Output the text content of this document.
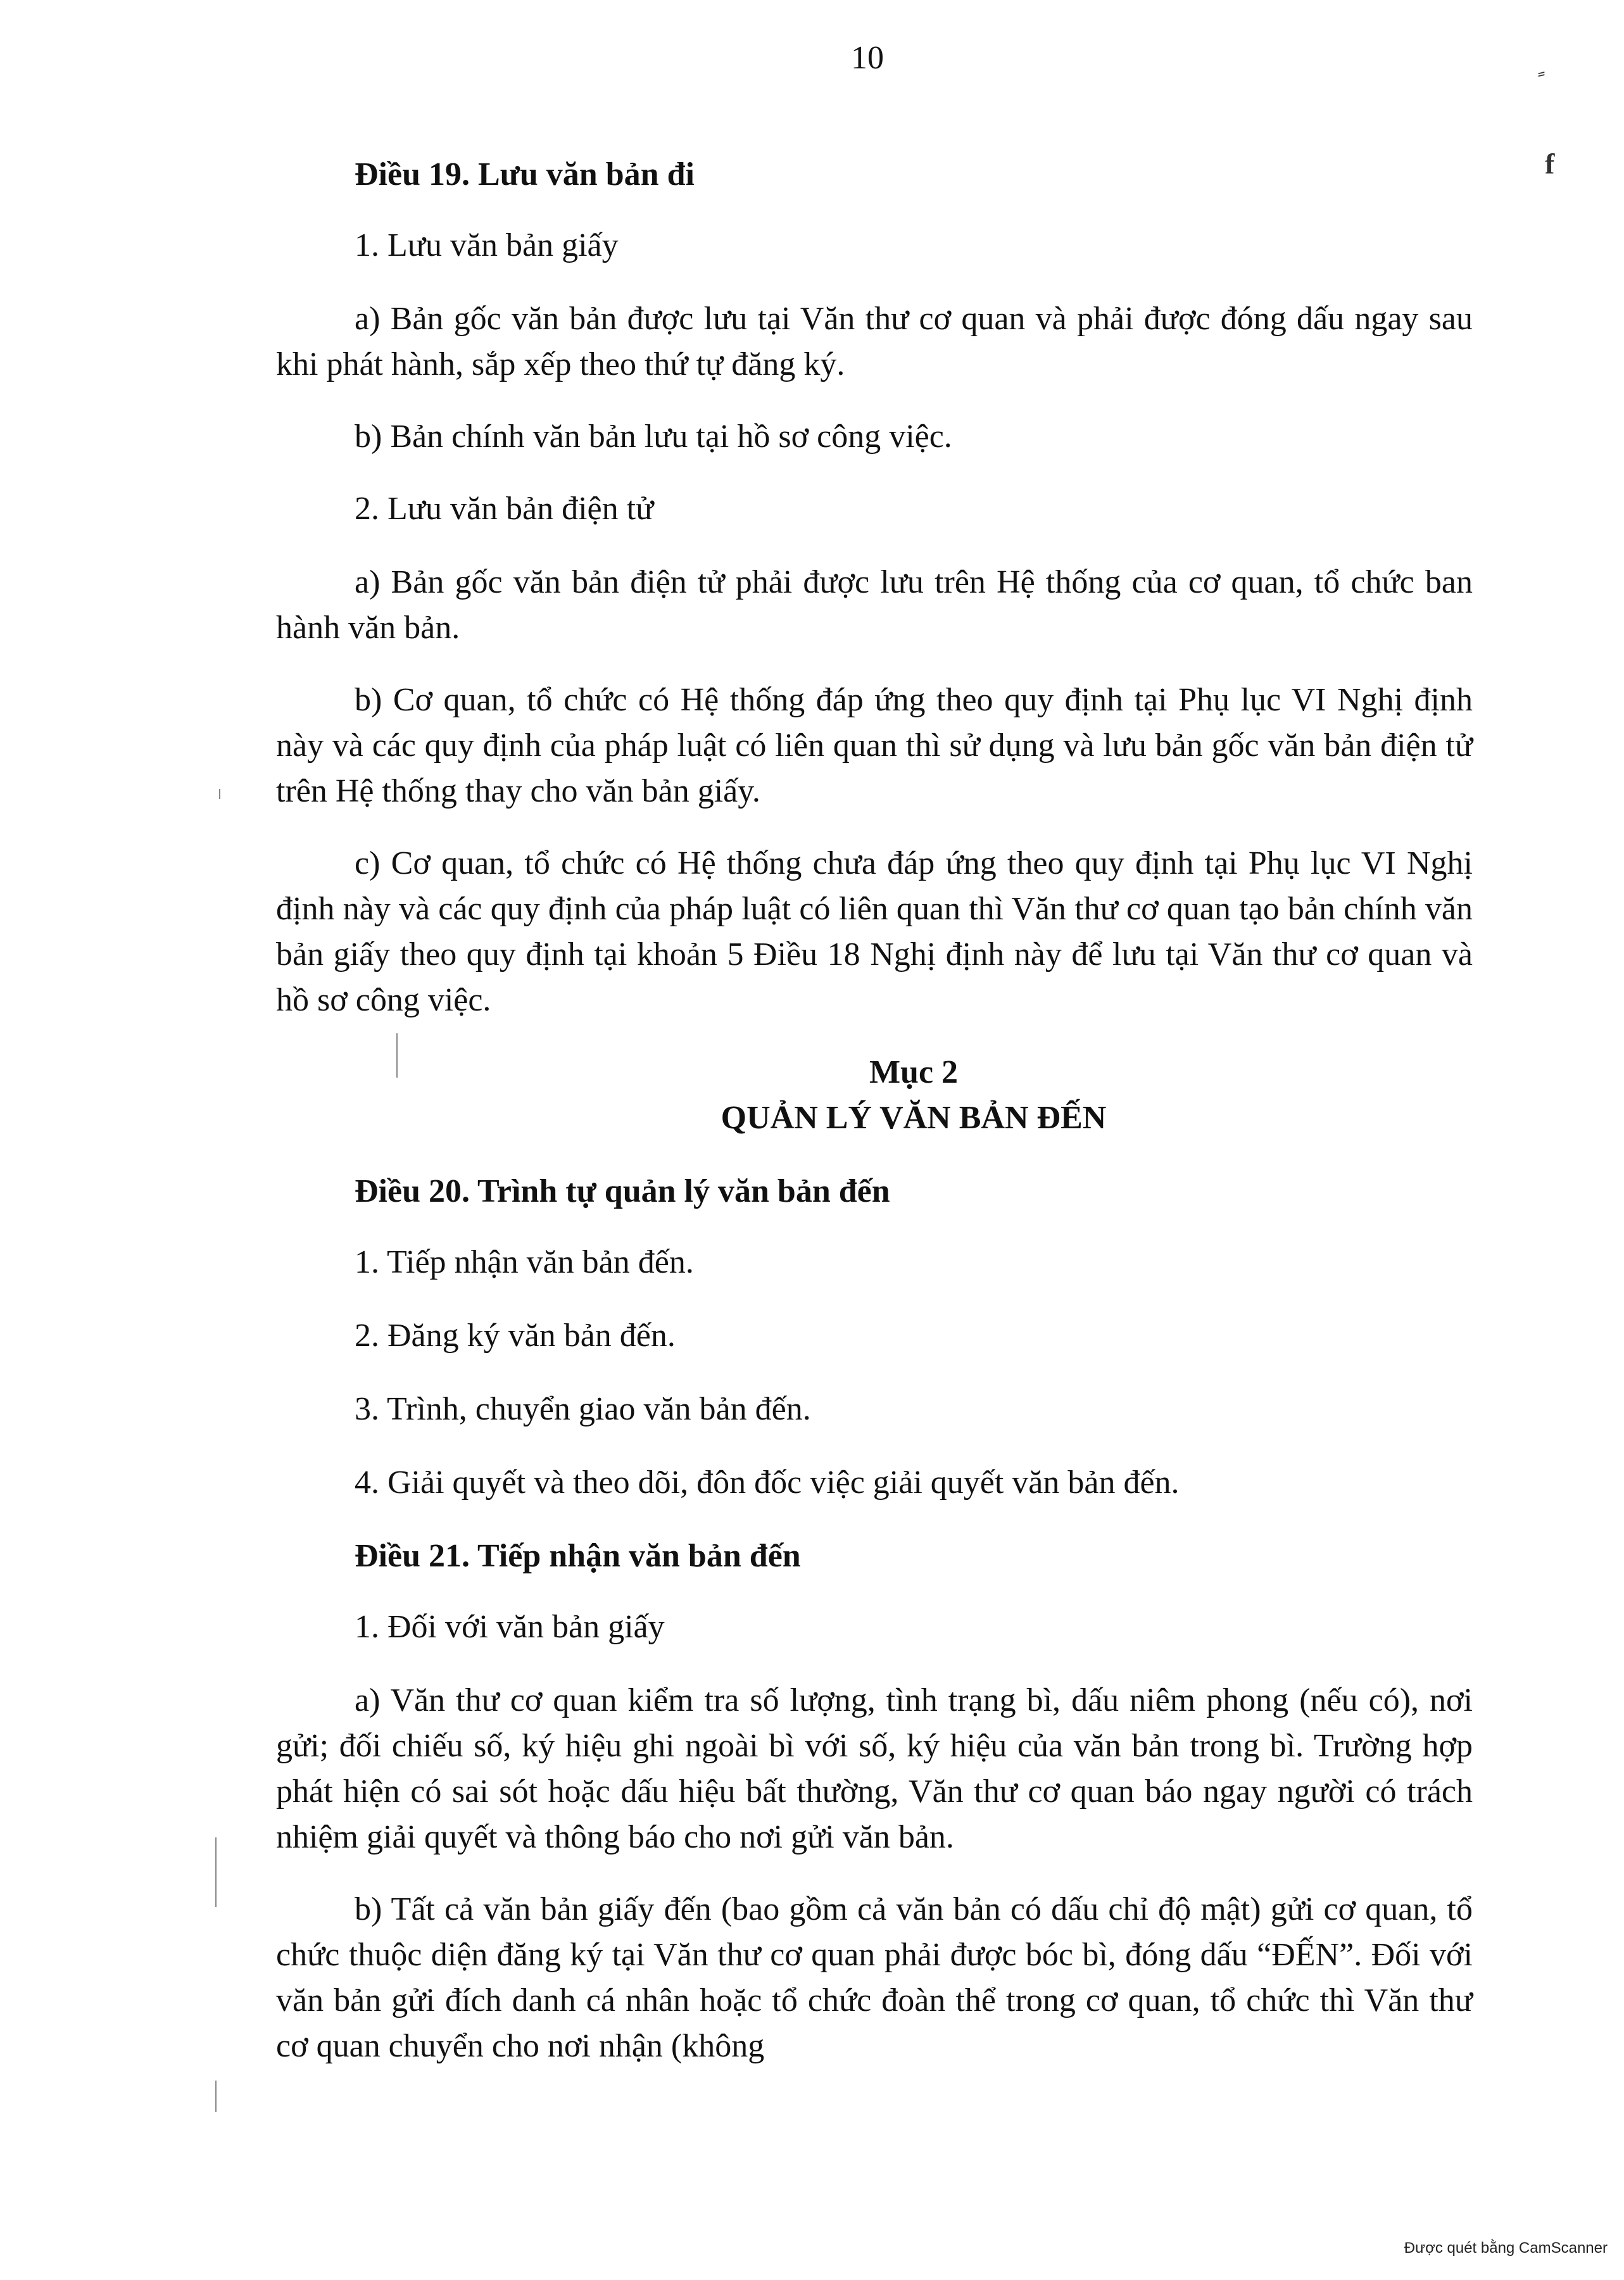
10
f

Điều 19. Lưu văn bản đi

1. Lưu văn bản giấy

a) Bản gốc văn bản được lưu tại Văn thư cơ quan và phải được đóng dấu ngay sau khi phát hành, sắp xếp theo thứ tự đăng ký.

b) Bản chính văn bản lưu tại hồ sơ công việc.

2. Lưu văn bản điện tử

a) Bản gốc văn bản điện tử phải được lưu trên Hệ thống của cơ quan, tổ chức ban hành văn bản.

b) Cơ quan, tổ chức có Hệ thống đáp ứng theo quy định tại Phụ lục VI Nghị định này và các quy định của pháp luật có liên quan thì sử dụng và lưu bản gốc văn bản điện tử trên Hệ thống thay cho văn bản giấy.

c) Cơ quan, tổ chức có Hệ thống chưa đáp ứng theo quy định tại Phụ lục VI Nghị định này và các quy định của pháp luật có liên quan thì Văn thư cơ quan tạo bản chính văn bản giấy theo quy định tại khoản 5 Điều 18 Nghị định này để lưu tại Văn thư cơ quan và hồ sơ công việc.

Mục 2

QUẢN LÝ VĂN BẢN ĐẾN

Điều 20. Trình tự quản lý văn bản đến

1. Tiếp nhận văn bản đến.

2. Đăng ký văn bản đến.

3. Trình, chuyển giao văn bản đến.

4. Giải quyết và theo dõi, đôn đốc việc giải quyết văn bản đến.

Điều 21. Tiếp nhận văn bản đến

1. Đối với văn bản giấy

a) Văn thư cơ quan kiểm tra số lượng, tình trạng bì, dấu niêm phong (nếu có), nơi gửi; đối chiếu số, ký hiệu ghi ngoài bì với số, ký hiệu của văn bản trong bì. Trường hợp phát hiện có sai sót hoặc dấu hiệu bất thường, Văn thư cơ quan báo ngay người có trách nhiệm giải quyết và thông báo cho nơi gửi văn bản.

b) Tất cả văn bản giấy đến (bao gồm cả văn bản có dấu chỉ độ mật) gửi cơ quan, tổ chức thuộc diện đăng ký tại Văn thư cơ quan phải được bóc bì, đóng dấu “ĐẾN”. Đối với văn bản gửi đích danh cá nhân hoặc tổ chức đoàn thể trong cơ quan, tổ chức thì Văn thư cơ quan chuyển cho nơi nhận (không

Được quét bằng CamScanner
